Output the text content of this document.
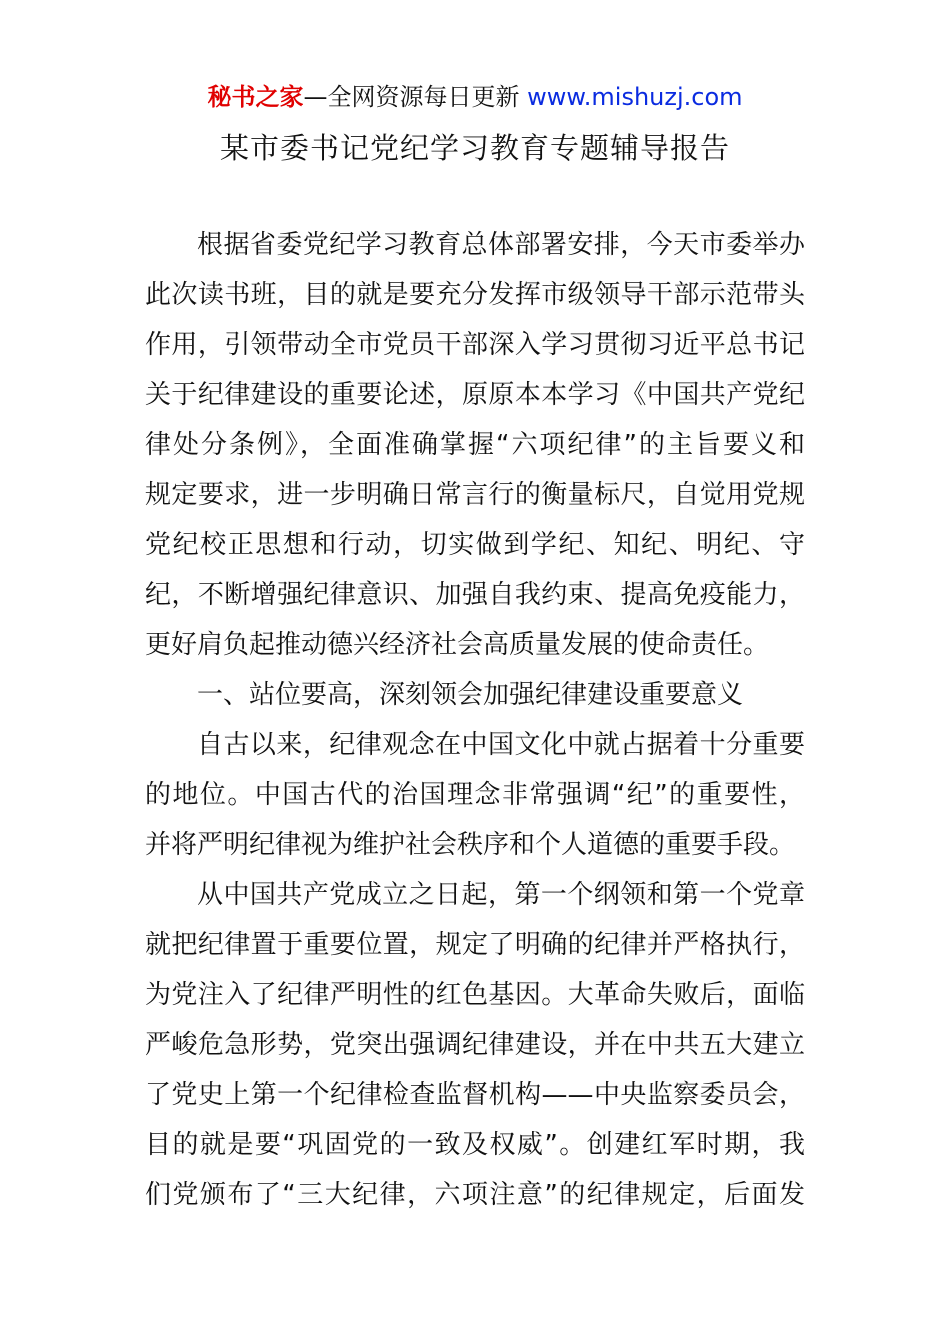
秘书之家—全网资源每日更新 www.mishuzj.com
某市委书记党纪学习教育专题辅导报告
根据省委党纪学习教育总体部署安排，今天市委举办
此次读书班，目的就是要充分发挥市级领导干部示范带头
作用，引领带动全市党员干部深入学习贯彻习近平总书记
关于纪律建设的重要论述，原原本本学习《中国共产党纪
律处分条例》，全面准确掌握“六项纪律”的主旨要义和
规定要求，进一步明确日常言行的衡量标尺，自觉用党规
党纪校正思想和行动，切实做到学纪、知纪、明纪、守
纪，不断增强纪律意识、加强自我约束、提高免疫能力，
更好肩负起推动德兴经济社会高质量发展的使命责任。
一、站位要高，深刻领会加强纪律建设重要意义
自古以来，纪律观念在中国文化中就占据着十分重要
的地位。中国古代的治国理念非常强调“纪”的重要性，
并将严明纪律视为维护社会秩序和个人道德的重要手段。
从中国共产党成立之日起，第一个纲领和第一个党章
就把纪律置于重要位置，规定了明确的纪律并严格执行，
为党注入了纪律严明性的红色基因。大革命失败后，面临
严峻危急形势，党突出强调纪律建设，并在中共五大建立
了党史上第一个纪律检查监督机构——中央监察委员会，
目的就是要“巩固党的一致及权威”。创建红军时期，我
们党颁布了“三大纪律，六项注意”的纪律规定，后面发
